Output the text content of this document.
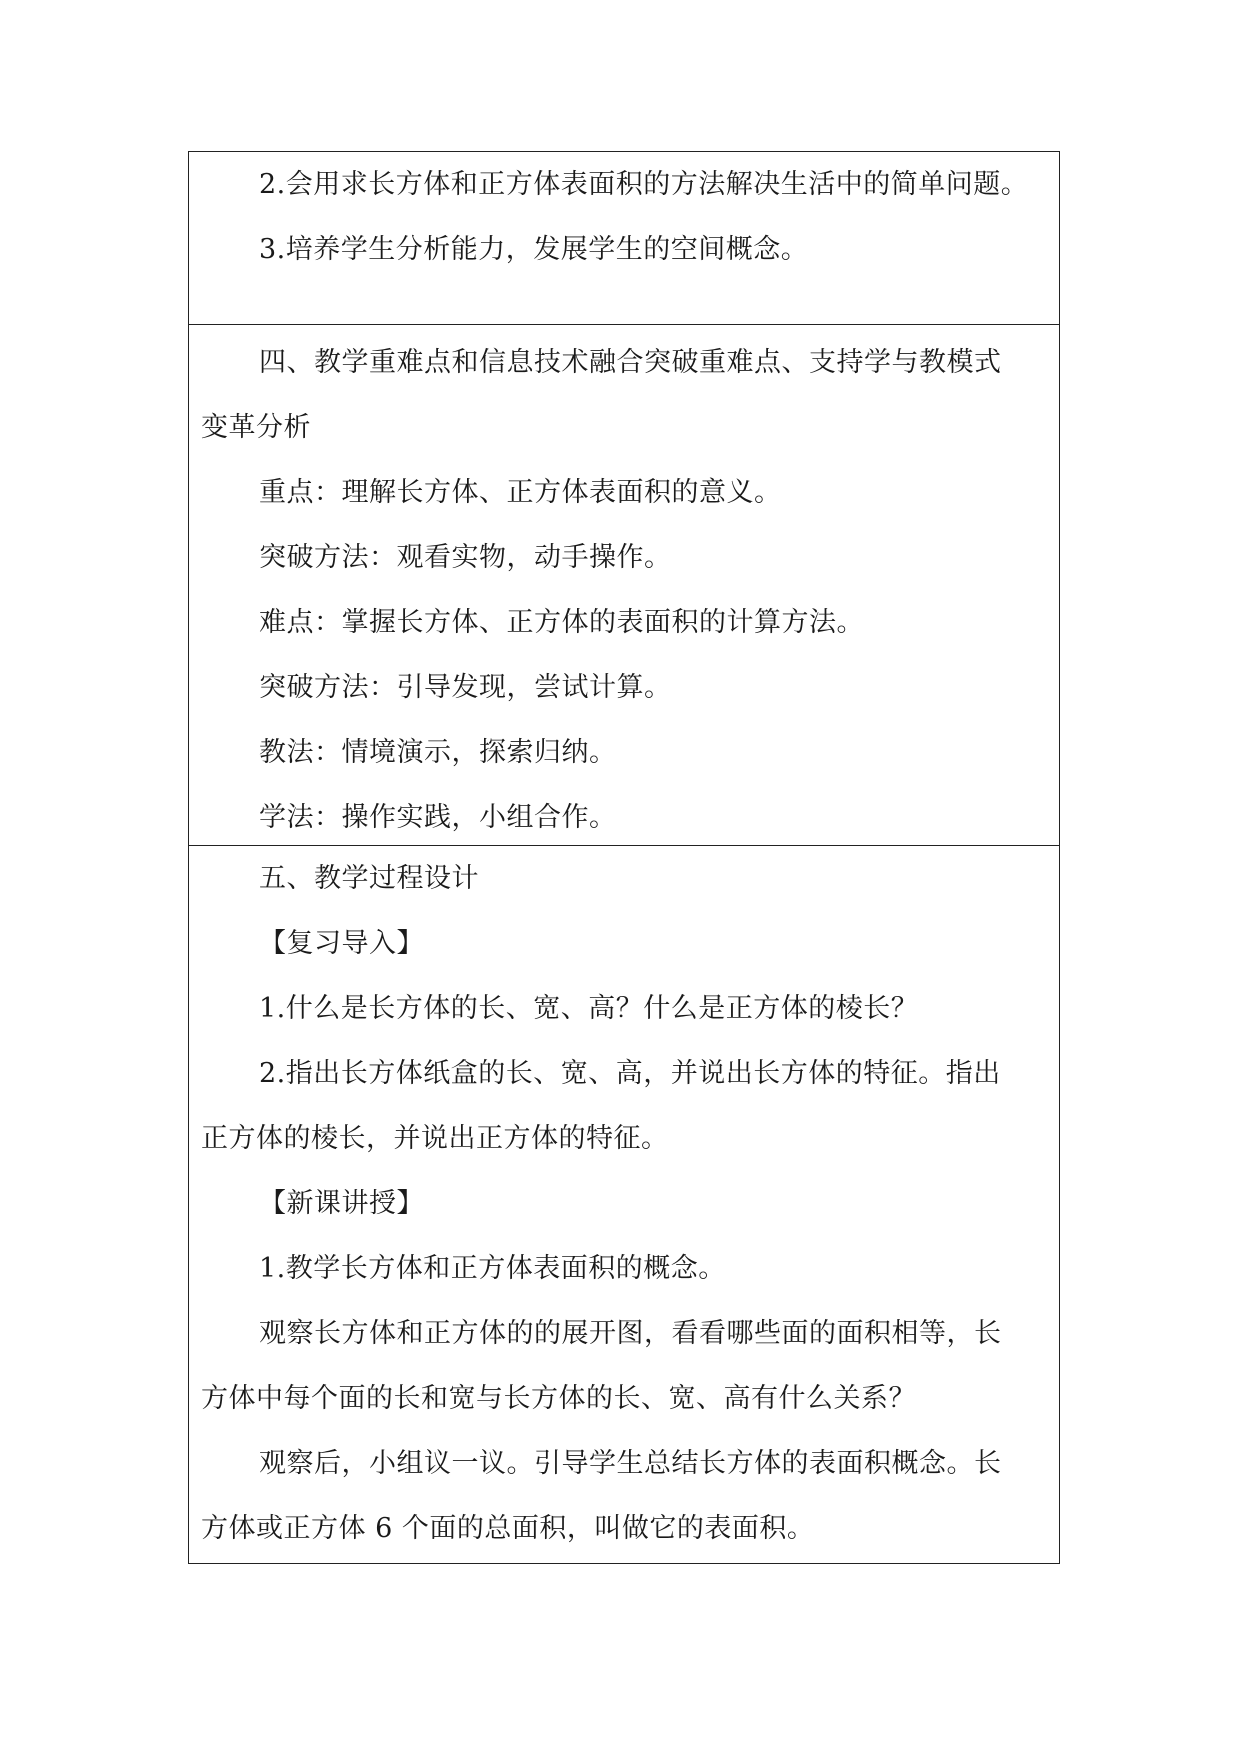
2.会用求长方体和正方体表面积的方法解决生活中的简单问题。
3.培养学生分析能力，发展学生的空间概念。
四、教学重难点和信息技术融合突破重难点、支持学与教模式
变革分析
重点：理解长方体、正方体表面积的意义。
突破方法：观看实物，动手操作。
难点：掌握长方体、正方体的表面积的计算方法。
突破方法：引导发现，尝试计算。
教法：情境演示，探索归纳。
学法：操作实践，小组合作。
五、教学过程设计
【复习导入】
1.什么是长方体的长、宽、高？什么是正方体的棱长？
2.指出长方体纸盒的长、宽、高，并说出长方体的特征。指出
正方体的棱长，并说出正方体的特征。
【新课讲授】
1.教学长方体和正方体表面积的概念。
观察长方体和正方体的的展开图，看看哪些面的面积相等，长
方体中每个面的长和宽与长方体的长、宽、高有什么关系？
观察后，小组议一议。引导学生总结长方体的表面积概念。长
方体或正方体 6 个面的总面积，叫做它的表面积。
